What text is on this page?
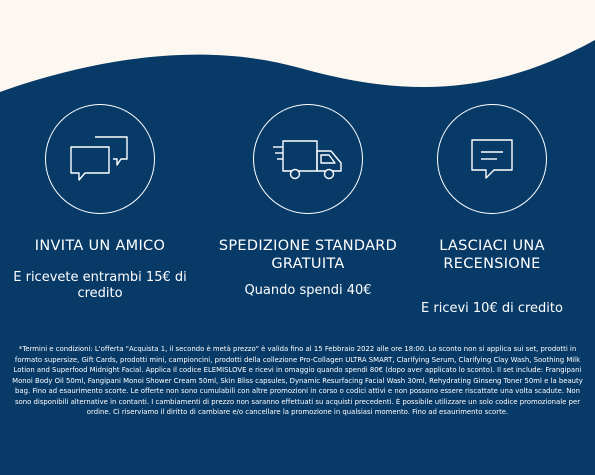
INVITA UN AMICO
E ricevete entrambi 15€ di credito
SPEDIZIONE STANDARD GRATUITA
Quando spendi 40€
LASCIACI UNA RECENSIONE
E ricevi 10€ di credito
*Termini e condizioni: L'offerta "Acquista 1, il secondo è metà prezzo" è valida fino al 15 Febbraio 2022 alle ore 18:00. Lo sconto non si applica sui set, prodotti in formato supersize, Gift Cards, prodotti mini, campioncini, prodotti della collezione Pro-Collagen ULTRA SMART, Clarifying Serum, Clarifying Clay Wash, Soothing Milk Lotion and Superfood Midnight Facial. Applica il codice ELEMISLOVE e ricevi in omaggio quando spendi 80€ (dopo aver applicato lo sconto). Il set include: Frangipani Monoi Body Oil 50ml, Fangipani Monoi Shower Cream 50ml, Skin Bliss capsules, Dynamic Resurfacing Facial Wash 30ml, Rehydrating Ginseng Toner 50ml e la beauty bag. Fino ad esaurimento scorte. Le offerte non sono cumulabili con altre promozioni in corso o codici attivi e non possono essere riscattate una volta scadute. Non sono disponibili alternative in contanti. I cambiamenti di prezzo non saranno effettuati su acquisti precedenti. È possibile utilizzare un solo codice promozionale per ordine. Ci riserviamo il diritto di cambiare e/o cancellare la promozione in qualsiasi momento. Fino ad esaurimento scorte.
